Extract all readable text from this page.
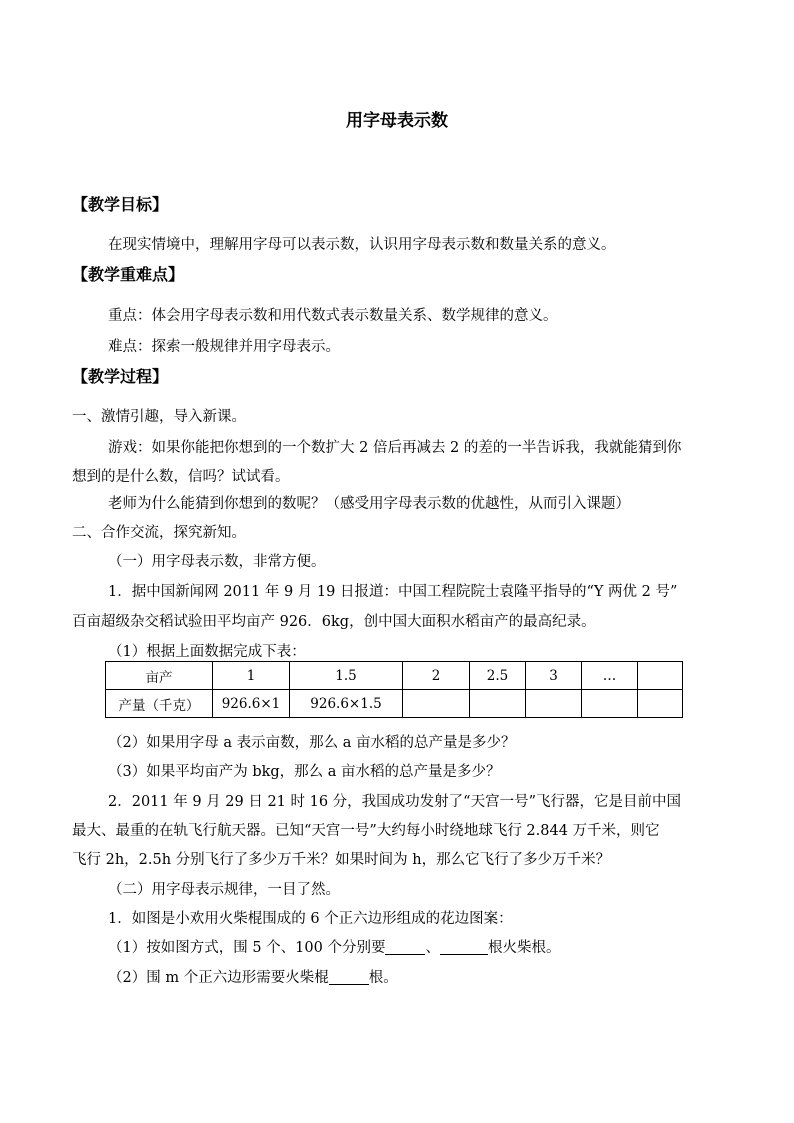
用字母表示数
【教学目标】
在现实情境中，理解用字母可以表示数，认识用字母表示数和数量关系的意义。
【教学重难点】
重点：体会用字母表示数和用代数式表示数量关系、数学规律的意义。
难点：探索一般规律并用字母表示。
【教学过程】
一、激情引趣，导入新课。
游戏：如果你能把你想到的一个数扩大 2 倍后再减去 2 的差的一半告诉我，我就能猜到你
想到的是什么数，信吗？试试看。
老师为什么能猜到你想到的数呢？（感受用字母表示数的优越性，从而引入课题）
二、合作交流，探究新知。
（一）用字母表示数，非常方便。
1．据中国新闻网 2011 年 9 月 19 日报道：中国工程院院士袁隆平指导的“Y 两优 2 号”
百亩超级杂交稻试验田平均亩产 926．6kg，创中国大面积水稻亩产的最高纪录。
（1）根据上面数据完成下表：
亩产	1	1.5	2	2.5	3	…	
产量（千克）	926.6×1	926.6×1.5					
（2）如果用字母 a 表示亩数，那么 a 亩水稻的总产量是多少？
（3）如果平均亩产为 bkg，那么 a 亩水稻的总产量是多少？
2．2011 年 9 月 29 日 21 时 16 分，我国成功发射了“天宫一号”飞行器，它是目前中国
最大、最重的在轨飞行航天器。已知“天宫一号”大约每小时绕地球飞行 2.844 万千米，则它
飞行 2h，2.5h 分别飞行了多少万千米？如果时间为 h，那么它飞行了多少万千米？
（二）用字母表示规律，一目了然。
1．如图是小欢用火柴棍围成的 6 个正六边形组成的花边图案：
（1）按如图方式，围 5 个、100 个分别要	、	根火柴根。
（2）围 m 个正六边形需要火柴棍	根。
